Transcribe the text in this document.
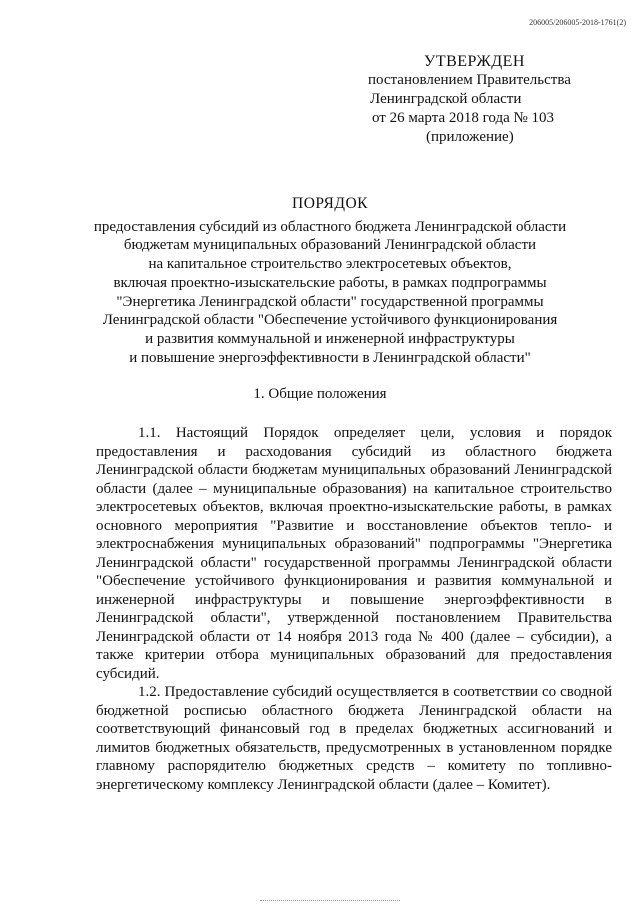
206005/206005-2018-1761(2)
УТВЕРЖДЕН
постановлением Правительства
Ленинградской области
от 26 марта 2018 года № 103
(приложение)
ПОРЯДОК
предоставления субсидий из областного бюджета Ленинградской области
бюджетам муниципальных образований Ленинградской области
на капитальное строительство электросетевых объектов,
включая проектно-изыскательские работы, в рамках подпрограммы
"Энергетика Ленинградской области" государственной программы
Ленинградской области "Обеспечение устойчивого функционирования
и развития коммунальной и инженерной инфраструктуры
и повышение энергоэффективности в Ленинградской области"
1. Общие положения

1.1. Настоящий Порядок определяет цели, условия и порядок предоставления и расходования субсидий из областного бюджета Ленинградской области бюджетам муниципальных образований Ленинградской области (далее – муниципальные образования) на капитальное строительство электросетевых объектов, включая проектно-изыскательские работы, в рамках основного мероприятия "Развитие и восстановление объектов тепло- и электроснабжения муниципальных образований" подпрограммы "Энергетика Ленинградской области" государственной программы Ленинградской области "Обеспечение устойчивого функционирования и развития коммунальной и инженерной инфраструктуры и повышение энергоэффективности в Ленинградской области", утвержденной постановлением Правительства Ленинградской области от 14 ноября 2013 года № 400 (далее – субсидии), а также критерии отбора муниципальных образований для предоставления субсидий.

1.2. Предоставление субсидий осуществляется в соответствии со сводной бюджетной росписью областного бюджета Ленинградской области на соответствующий финансовый год в пределах бюджетных ассигнований и лимитов бюджетных обязательств, предусмотренных в установленном порядке главному распорядителю бюджетных средств – комитету по топливно-энергетическому комплексу Ленинградской области (далее – Комитет).
